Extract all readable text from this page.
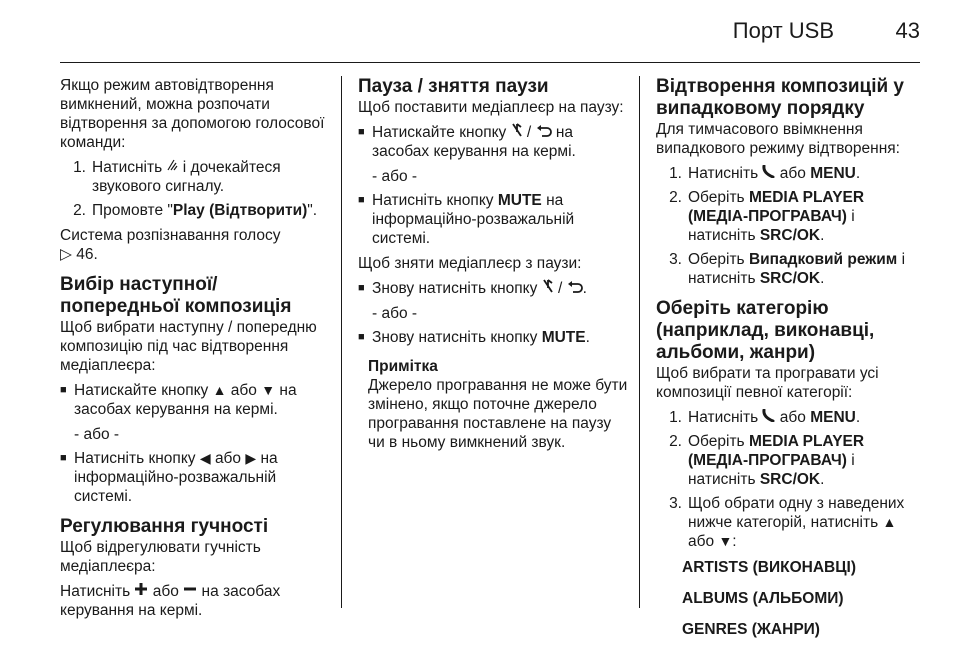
Порт USB	43

Якщо режим автовідтворення вимкнений, можна розпочати відтворення за допомогою голосової команди:

1. Натисніть і дочекайтеся звукового сигналу.
2. Промовте "Play (Відтворити)".

Система розпізнавання голосу
▷ 46.

Вибір наступної/попередньої композиція

Щоб вибрати наступну / попередню композицію під час відтворення медіаплеєра:

■ Натискайте кнопку ▲ або ▼ на засобах керування на кермі.

- або -

■ Натисніть кнопку ◀ або ▶ на інформаційно-розважальній системі.
Регулювання гучності

Щоб відрегулювати гучність медіаплеєра:

Натисніть або на засобах керування на кермі.

Пауза / зняття паузи

Щоб поставити медіаплеєр на паузу:

■ Натискайте кнопку  /  на засобах керування на кермі.

- або -

■ Натисніть кнопку MUTE на інформаційно-розважальній системі.

Щоб зняти медіаплеєр з паузи:

■ Знову натисніть кнопку  / .

- або -

■ Знову натисніть кнопку MUTE.
Примітка
Джерело програвання не може бути змінено, якщо поточне джерело програвання поставлене на паузу чи в ньому вимкнений звук.
Відтворення композицій у випадковому порядку

Для тимчасового ввімкнення випадкового режиму відтворення:

1. Натисніть або MENU.
2. Оберіть MEDIA PLAYER (МЕДІА-ПРОГРАВАЧ) і натисніть SRC/OK.
3. Оберіть Випадковий режим і натисніть SRC/OK.
Оберіть категорію (наприклад, виконавці, альбоми, жанри)

Щоб вибрати та програвати усі композиції певної категорії:

1. Натисніть або MENU.
2. Оберіть MEDIA PLAYER (МЕДІА-ПРОГРАВАЧ) і натисніть SRC/OK.
3. Щоб обрати одну з наведених нижче категорій, натисніть ▲
або ▼:

ARTISTS (ВИКОНАВЦІ)

ALBUMS (АЛЬБОМИ)

GENRES (ЖАНРИ)
